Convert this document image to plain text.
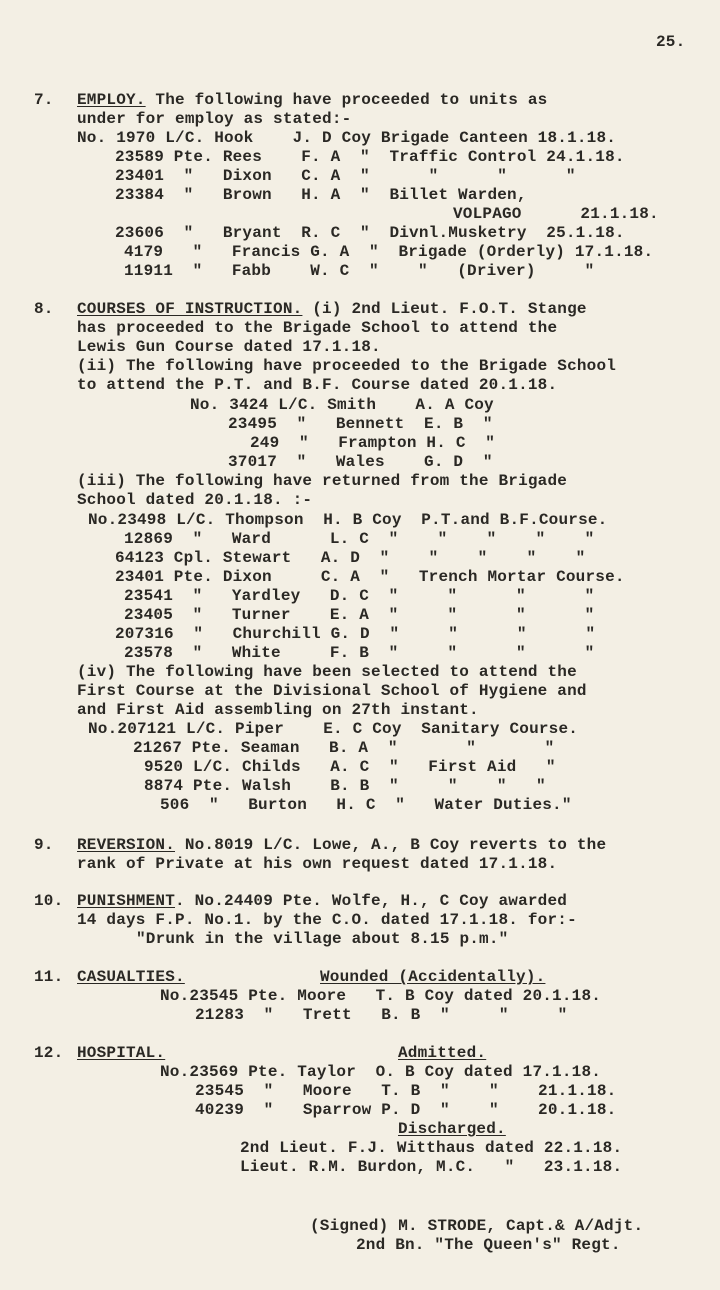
25.
7. EMPLOY. The following have proceeded to units as
under for employ as stated:-
No. 1970 L/C. Hook    J. D Coy Brigade Canteen 18.1.18.
23589 Pte. Rees    F. A  "  Traffic Control 24.1.18.
23401  "   Dixon   C. A  "      "      "      "
23384  "   Brown   H. A  "  Billet Warden,
VOLPAGO      21.1.18.
23606  "   Bryant  R. C  "  Divnl.Musketry  25.1.18.
4179   "   Francis G. A  "  Brigade (Orderly) 17.1.18.
11911  "   Fabb    W. C  "    "   (Driver)     "
8. COURSES OF INSTRUCTION. (i) 2nd Lieut. F.O.T. Stange
has proceeded to the Brigade School to attend the
Lewis Gun Course dated 17.1.18.
(ii) The following have proceeded to the Brigade School
to attend the P.T. and B.F. Course dated 20.1.18.
No. 3424 L/C. Smith    A. A Coy
23495  "   Bennett  E. B  "
249  "   Frampton H. C  "
37017  "   Wales    G. D  "
(iii) The following have returned from the Brigade
School dated 20.1.18. :-
No.23498 L/C. Thompson  H. B Coy  P.T.and B.F.Course.
12869  "   Ward      L. C  "    "    "    "    "
64123 Cpl. Stewart   A. D  "    "    "    "    "
23401 Pte. Dixon     C. A  "   Trench Mortar Course.
23541  "   Yardley   D. C  "     "      "      "
23405  "   Turner    E. A  "     "      "      "
207316  "   Churchill G. D  "     "      "      "
23578  "   White     F. B  "     "      "      "
(iv) The following have been selected to attend the
First Course at the Divisional School of Hygiene and
and First Aid assembling on 27th instant.
No.207121 L/C. Piper    E. C Coy  Sanitary Course.
21267 Pte. Seaman   B. A  "       "       "
9520 L/C. Childs   A. C  "   First Aid   "
8874 Pte. Walsh    B. B  "     "    "   "
506  "   Burton   H. C  "   Water Duties."
9. REVERSION. No.8019 L/C. Lowe, A., B Coy reverts to the
rank of Private at his own request dated 17.1.18.
10. PUNISHMENT. No.24409 Pte. Wolfe, H., C Coy awarded
14 days F.P. No.1. by the C.O. dated 17.1.18. for:-
"Drunk in the village about 8.15 p.m."
11. CASUALTIES.	Wounded (Accidentally).
No.23545 Pte. Moore   T. B Coy dated 20.1.18.
21283  "   Trett   B. B  "     "     "
12. HOSPITAL.	Admitted.
No.23569 Pte. Taylor  O. B Coy dated 17.1.18.
23545  "   Moore   T. B  "    "    21.1.18.
40239  "   Sparrow P. D  "    "    20.1.18.
Discharged.
2nd Lieut. F.J. Witthaus dated 22.1.18.
Lieut. R.M. Burdon, M.C.   "   23.1.18.
(Signed) M. STRODE, Capt.& A/Adjt.
2nd Bn. "The Queen's" Regt.
